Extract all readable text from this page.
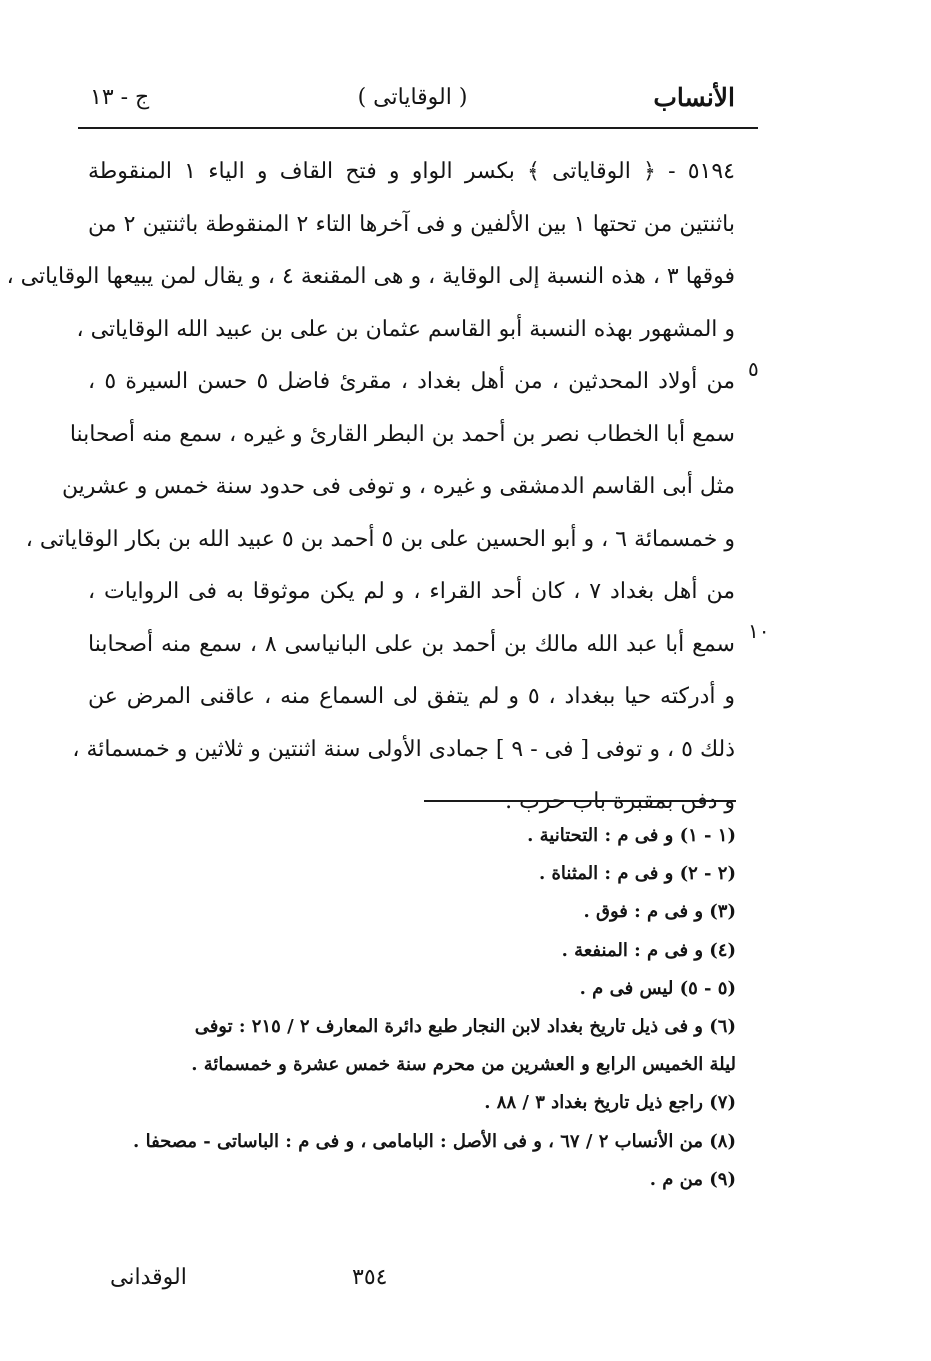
الأنساب
( الوقاياتى )
ج - ١٣
٥١٩٤ - ﴿ الوقاياتى ﴾ بكسر الواو و فتح القاف و الياء ١ المنقوطة
باثنتين من تحتها ١ بين الألفين و فى آخرها التاء ٢ المنقوطة باثنتين ٢ من
فوقها ٣ ، هذه النسبة إلى الوقاية ، و هى المقنعة ٤ ، و يقال لمن يبيعها الوقاياتى ،
و المشهور بهذه النسبة أبو القاسم عثمان بن على بن عبيد الله الوقاياتى ،
من أولاد المحدثين ، من أهل بغداد ، مقرئ فاضل ٥ حسن السيرة ٥ ،
سمع أبا الخطاب نصر بن أحمد بن البطر القارئ و غيره ، سمع منه أصحابنا
مثل أبى القاسم الدمشقى و غيره ، و توفى فى حدود سنة خمس و عشرين
و خمسمائة ٦ ، و أبو الحسين على بن ٥ أحمد بن ٥ عبيد الله بن بكار الوقاياتى ،
من أهل بغداد ٧ ، كان أحد القراء ، و لم يكن موثوقا به فى الروايات ،
سمع أبا عبد الله مالك بن أحمد بن على البانياسى ٨ ، سمع منه أصحابنا
و أدركته حيا ببغداد ، ٥ و لم يتفق لى السماع منه ، عاقنى المرض عن
ذلك ٥ ، و توفى [ فى - ٩ ] جمادى الأولى سنة اثنتين و ثلاثين و خمسمائة ،
و دفن بمقبرة باب حرب .
٥
١٠
(١ - ١) و فى م : التحتانية .
(٢ - ٢) و فى م : المثناة .
(٣) و فى م : فوق .
(٤) و فى م : المنفعة .
(٥ - ٥) ليس فى م .
(٦) و فى ذيل تاريخ بغداد لابن النجار طبع دائرة المعارف ٢ / ٢١٥ : توفى
ليلة الخميس الرابع و العشرين من محرم سنة خمس عشرة و خمسمائة .
(٧) راجع ذيل تاريخ بغداد ٣ / ٨٨ .
(٨) من الأنساب ٢ / ٦٧ ، و فى الأصل : البامامى ، و فى م : الباساتى - مصحفا .
(٩) من م .
٣٥٤
الوقدانى
